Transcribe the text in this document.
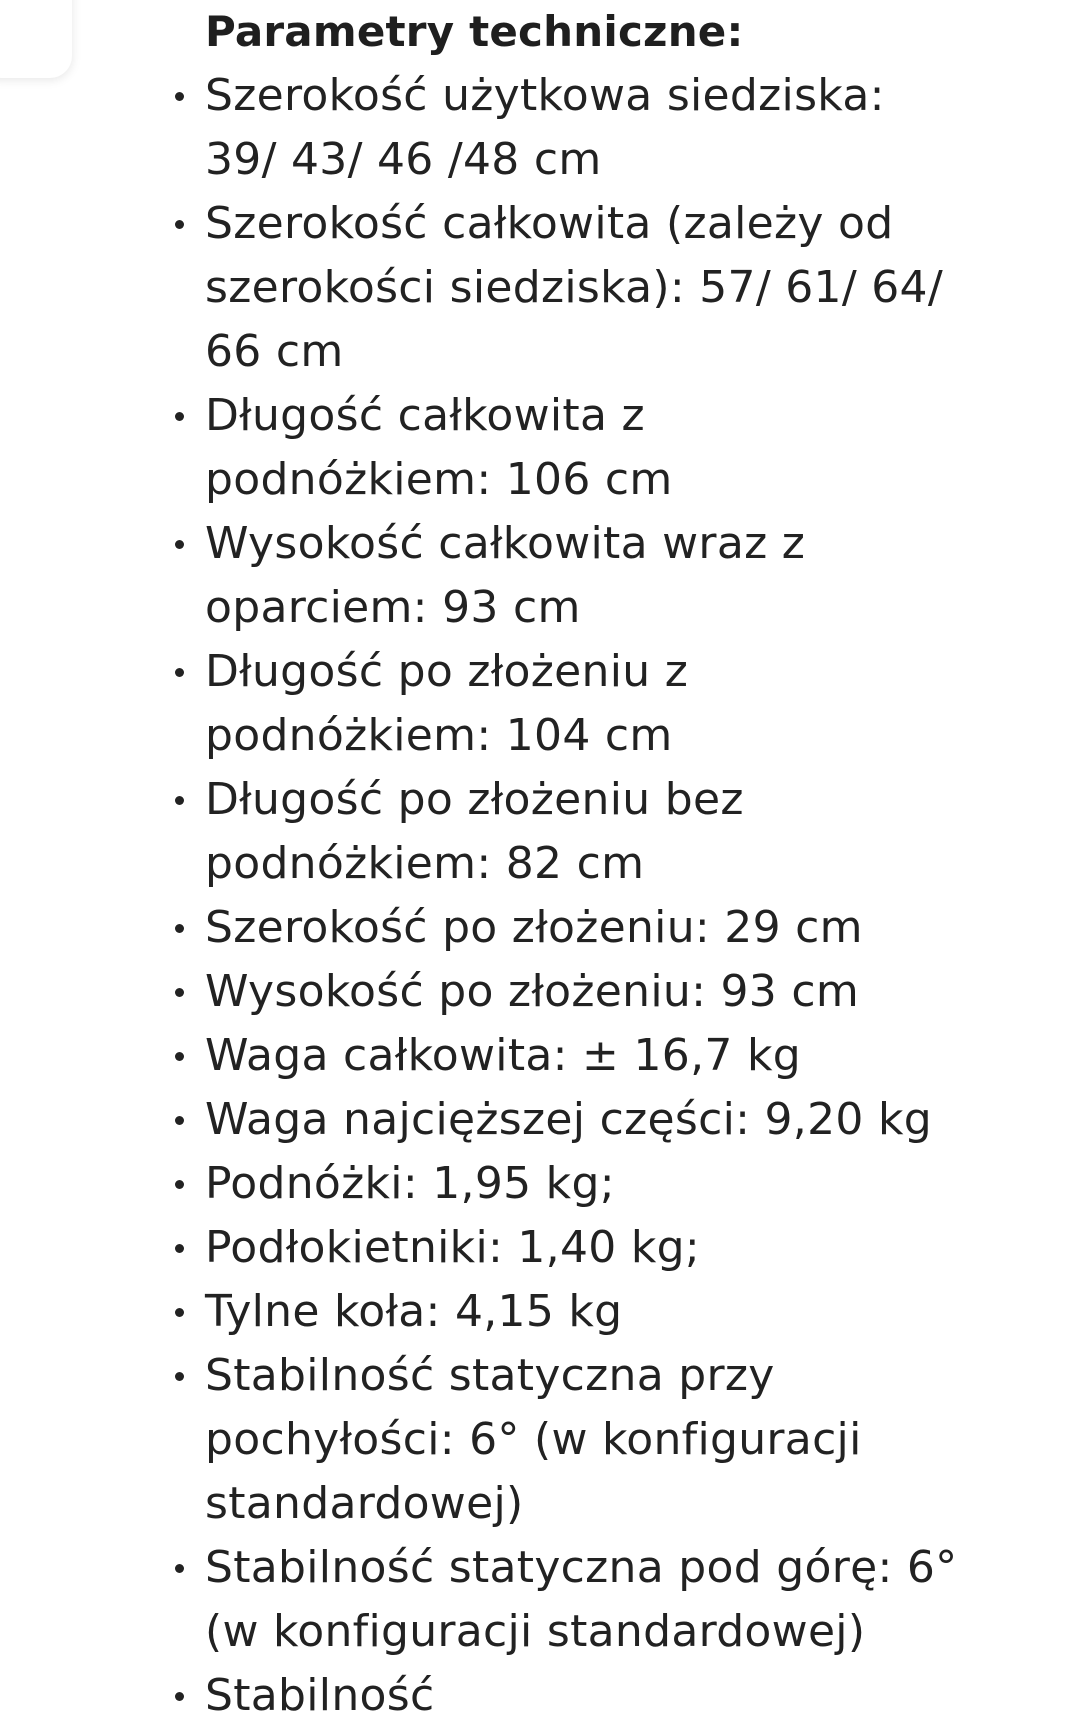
Parametry techniczne:
Szerokość użytkowa siedziska:
39/ 43/ 46 /48 cm
Szerokość całkowita (zależy od
szerokości siedziska): 57/ 61/ 64/
66 cm
Długość całkowita z
podnóżkiem: 106 cm
Wysokość całkowita wraz z
oparciem: 93 cm
Długość po złożeniu z
podnóżkiem: 104 cm
Długość po złożeniu bez
podnóżkiem: 82 cm
Szerokość po złożeniu: 29 cm
Wysokość po złożeniu: 93 cm
Waga całkowita: ± 16,7 kg
Waga najcięższej części: 9,20 kg
Podnóżki: 1,95 kg;
Podłokietniki: 1,40 kg;
Tylne koła: 4,15 kg
Stabilność statyczna przy
pochyłości: 6° (w konfiguracji
standardowej)
Stabilność statyczna pod górę: 6°
(w konfiguracji standardowej)
Stabilność
